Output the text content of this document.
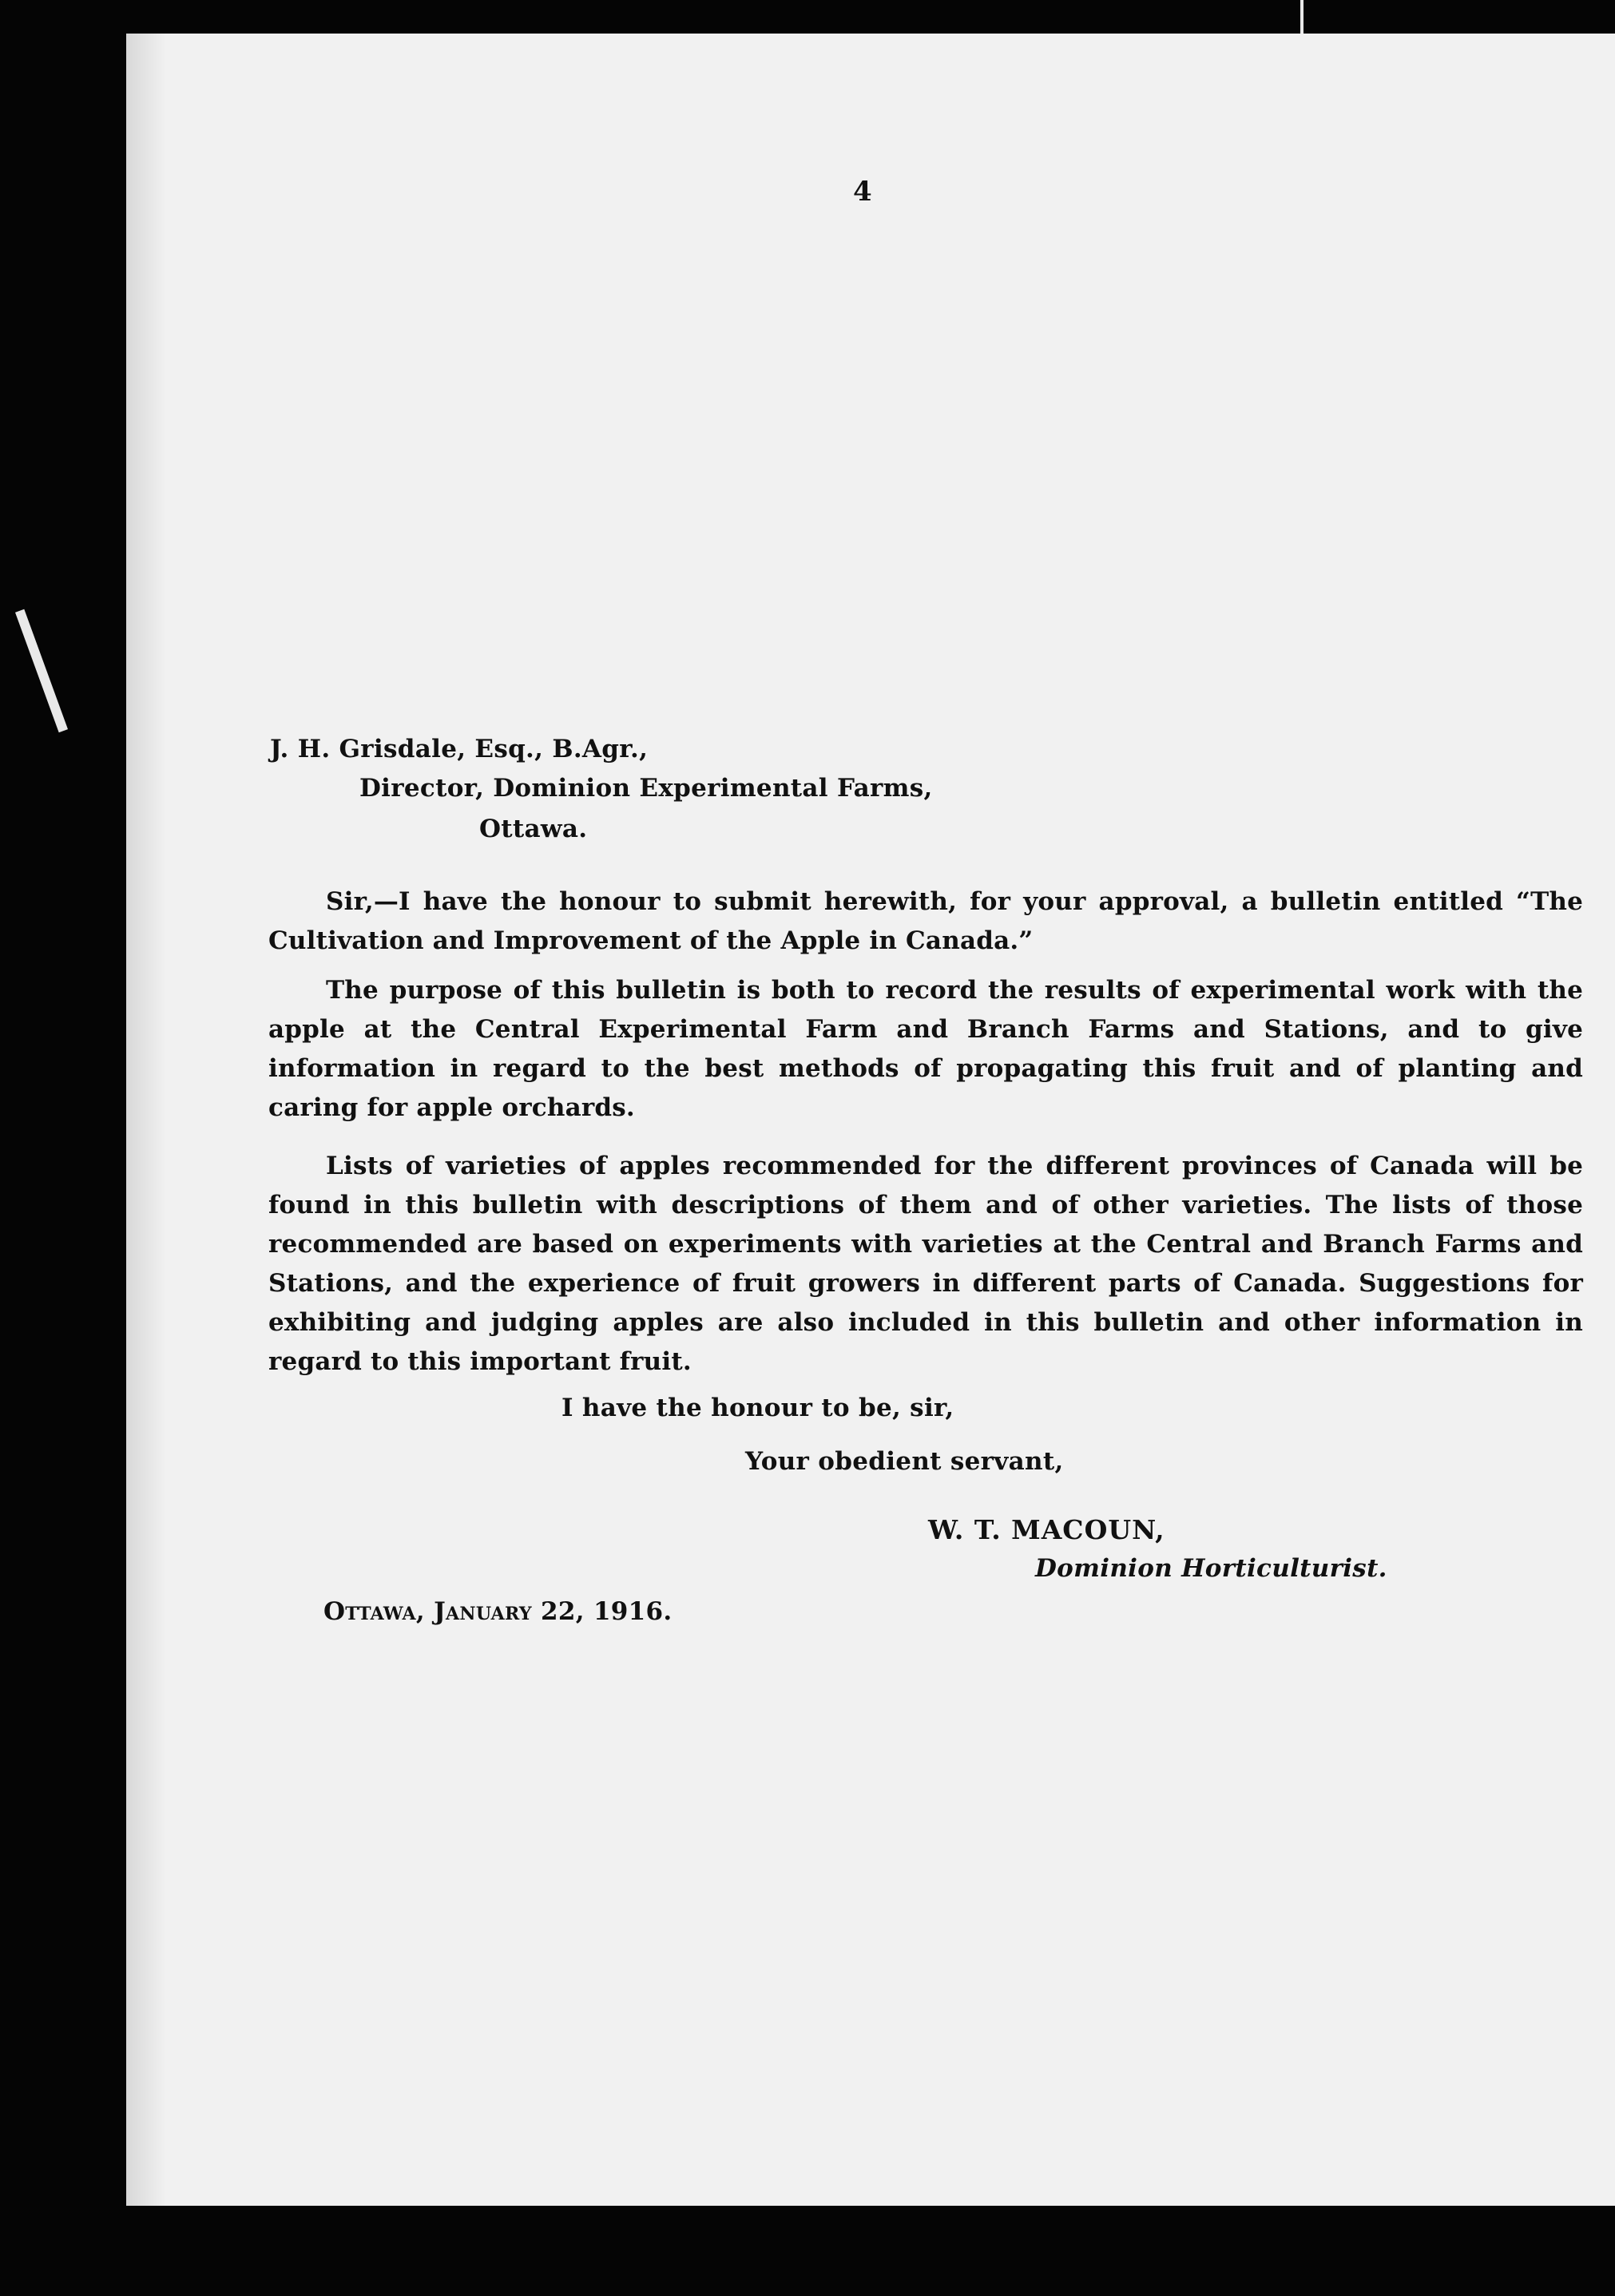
4
J. H. Grisdale, Esq., B.Agr.,
Director, Dominion Experimental Farms,
Ottawa.

Sir,—I have the honour to submit herewith, for your approval, a bulletin entitled “The Cultivation and Improvement of the Apple in Canada.”

The purpose of this bulletin is both to record the results of experimental work with the apple at the Central Experimental Farm and Branch Farms and Stations, and to give information in regard to the best methods of propagating this fruit and of planting and caring for apple orchards.

Lists of varieties of apples recommended for the different provinces of Canada will be found in this bulletin with descriptions of them and of other varieties. The lists of those recommended are based on experiments with varieties at the Central and Branch Farms and Stations, and the experience of fruit growers in different parts of Canada. Suggestions for exhibiting and judging apples are also included in this bulletin and other information in regard to this important fruit.

I have the honour to be, sir,
Your obedient servant,
W. T. MACOUN,
Dominion Horticulturist.
Ottawa, January 22, 1916.
